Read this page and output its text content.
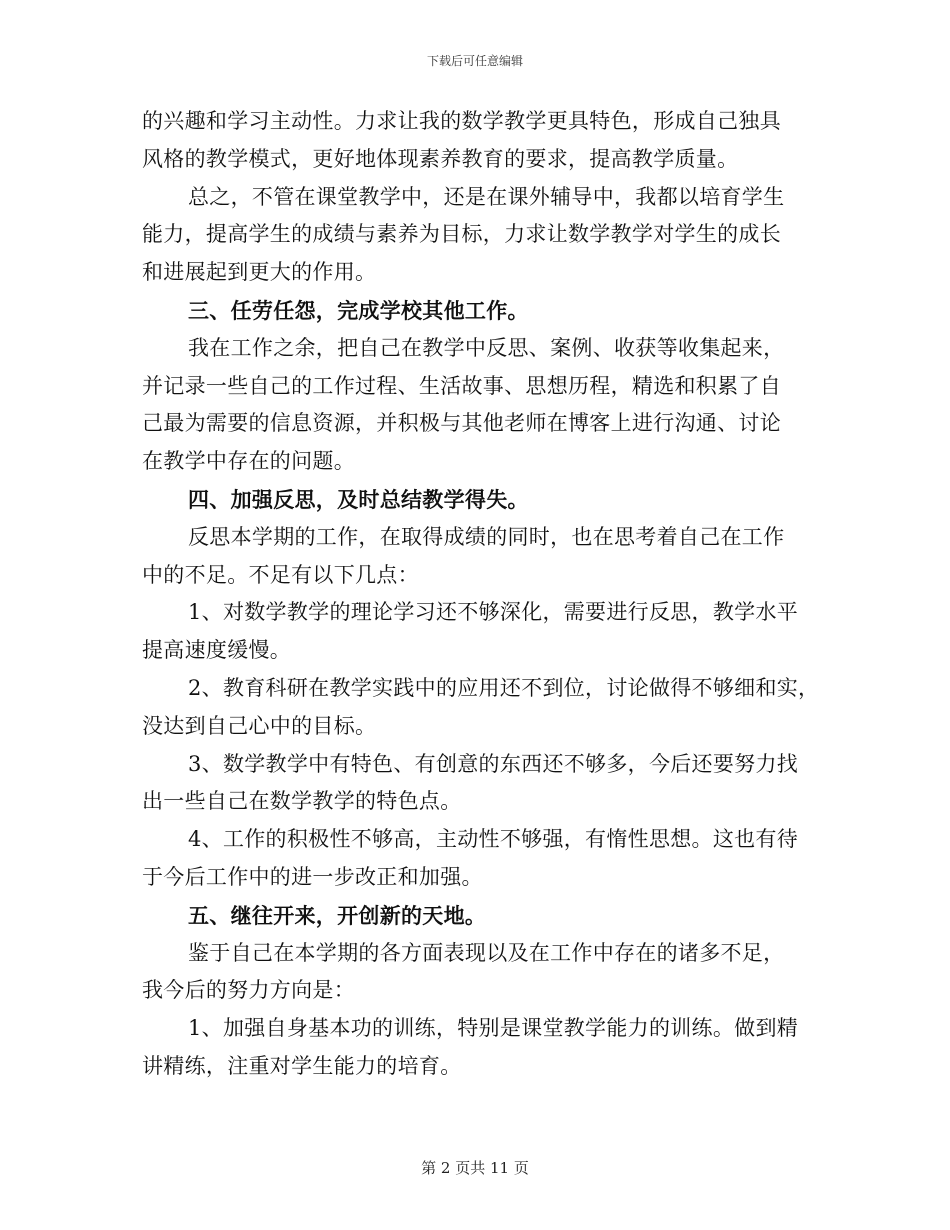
下载后可任意编辑
的兴趣和学习主动性。力求让我的数学教学更具特色，形成自己独具
风格的教学模式，更好地体现素养教育的要求，提高教学质量。
总之，不管在课堂教学中，还是在课外辅导中，我都以培育学生
能力，提高学生的成绩与素养为目标，力求让数学教学对学生的成长
和进展起到更大的作用。
三、任劳任怨，完成学校其他工作。
我在工作之余，把自己在教学中反思、案例、收获等收集起来，
并记录一些自己的工作过程、生活故事、思想历程，精选和积累了自
己最为需要的信息资源，并积极与其他老师在博客上进行沟通、讨论
在教学中存在的问题。
四、加强反思，及时总结教学得失。
反思本学期的工作，在取得成绩的同时，也在思考着自己在工作
中的不足。不足有以下几点：
1、对数学教学的理论学习还不够深化，需要进行反思，教学水平
提高速度缓慢。
2、教育科研在教学实践中的应用还不到位，讨论做得不够细和实，
没达到自己心中的目标。
3、数学教学中有特色、有创意的东西还不够多，今后还要努力找
出一些自己在数学教学的特色点。
4、工作的积极性不够高，主动性不够强，有惰性思想。这也有待
于今后工作中的进一步改正和加强。
五、继往开来，开创新的天地。
鉴于自己在本学期的各方面表现以及在工作中存在的诸多不足，
我今后的努力方向是：
1、加强自身基本功的训练，特别是课堂教学能力的训练。做到精
讲精练，注重对学生能力的培育。
第 2 页共 11 页
